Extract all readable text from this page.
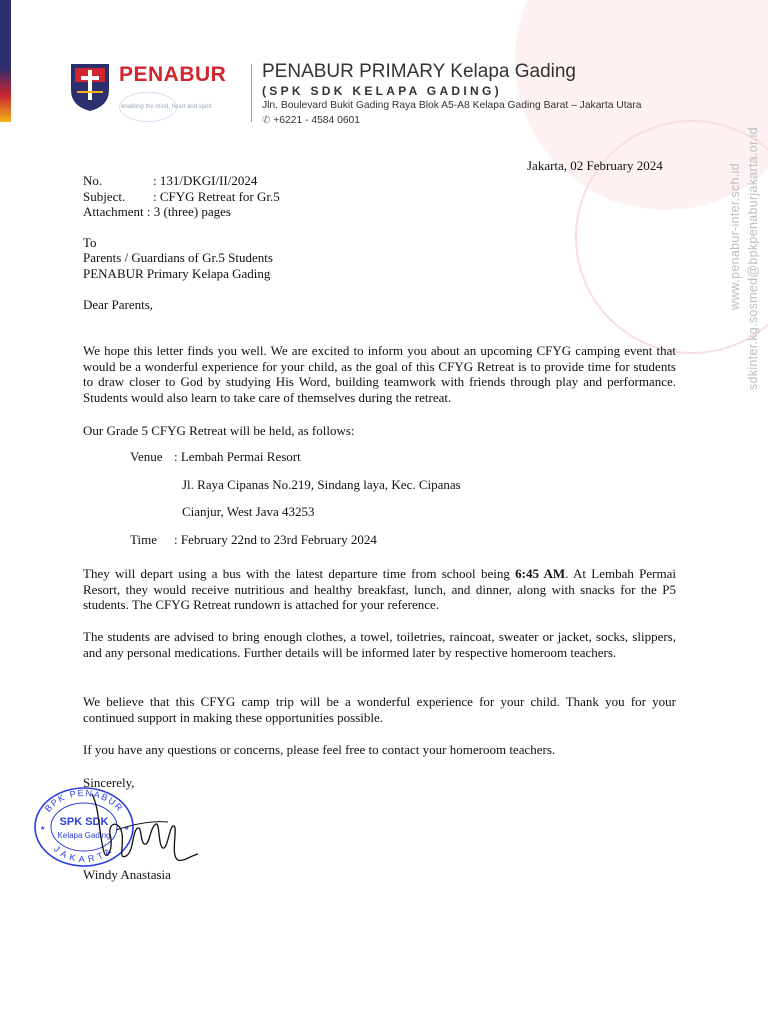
www.penabur-inter.sch.id sdkinter.kg.sosmed@bpkpenaburjakarta.or.id
PENABUR
enabling the mind, heart and spirit
PENABUR PRIMARY Kelapa Gading
(SPK SDK KELAPA GADING)
Jln. Boulevard Bukit Gading Raya Blok A5-A8 Kelapa Gading Barat – Jakarta Utara
✆ +6221 - 4584 0601
Jakarta, 02 February 2024
No.	: 131/DKGI/II/2024
Subject. : CFYG Retreat for Gr.5
Attachment : 3 (three) pages
To
Parents / Guardians of Gr.5 Students
PENABUR Primary Kelapa Gading
Dear Parents,
We hope this letter finds you well. We are excited to inform you about an upcoming CFYG camping event that would be a wonderful experience for your child, as the goal of this CFYG Retreat is to provide time for students to draw closer to God by studying His Word, building teamwork with friends through play and performance. Students would also learn to take care of themselves during the retreat.
Our Grade 5 CFYG Retreat will be held, as follows:
Venue : Lembah Permai Resort
Jl. Raya Cipanas No.219, Sindang laya, Kec. Cipanas
Cianjur, West Java 43253
Time : February 22nd to 23rd February 2024
They will depart using a bus with the latest departure time from school being 6:45 AM. At Lembah Permai Resort, they would receive nutritious and healthy breakfast, lunch, and dinner, along with snacks for the P5 students. The CFYG Retreat rundown is attached for your reference.
The students are advised to bring enough clothes, a towel, toiletries, raincoat, sweater or jacket, socks, slippers, and any personal medications. Further details will be informed later by respective homeroom teachers.
We believe that this CFYG camp trip will be a wonderful experience for your child. Thank you for your continued support in making these opportunities possible.
If you have any questions or concerns, please feel free to contact your homeroom teachers.
Sincerely,
BPK PENABUR
JAKARTA
SPK SDK
Kelapa Gading
★	★
Windy Anastasia
